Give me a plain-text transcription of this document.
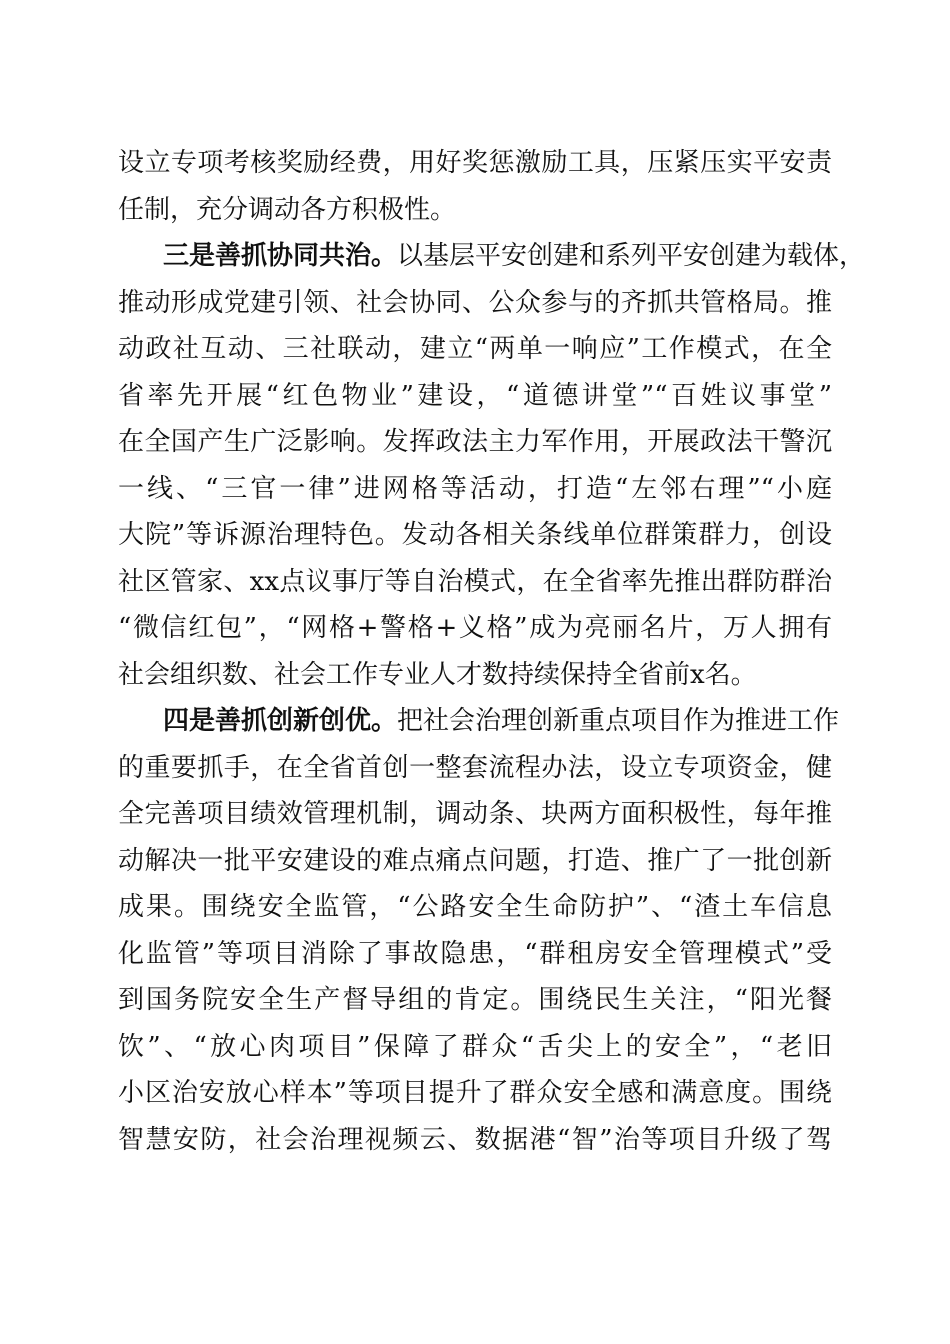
设立专项考核奖励经费，用好奖惩激励工具，压紧压实平安责
任制，充分调动各方积极性。
三是善抓协同共治。以基层平安创建和系列平安创建为载体，
推动形成党建引领、社会协同、公众参与的齐抓共管格局。推
动政社互动、三社联动，建立“两单一响应”工作模式，在全
省率先开展“红色物业”建设，“道德讲堂”“百姓议事堂”
在全国产生广泛影响。发挥政法主力军作用，开展政法干警沉
一线、“三官一律”进网格等活动，打造“左邻右理”“小庭
大院”等诉源治理特色。发动各相关条线单位群策群力，创设
社区管家、xx点议事厅等自治模式，在全省率先推出群防群治
“微信红包”，“网格+警格+义格”成为亮丽名片，万人拥有
社会组织数、社会工作专业人才数持续保持全省前x名。
四是善抓创新创优。把社会治理创新重点项目作为推进工作
的重要抓手，在全省首创一整套流程办法，设立专项资金，健
全完善项目绩效管理机制，调动条、块两方面积极性，每年推
动解决一批平安建设的难点痛点问题，打造、推广了一批创新
成果。围绕安全监管，“公路安全生命防护”、“渣土车信息
化监管”等项目消除了事故隐患，“群租房安全管理模式”受
到国务院安全生产督导组的肯定。围绕民生关注，“阳光餐
饮”、“放心肉项目”保障了群众“舌尖上的安全”，“老旧
小区治安放心样本”等项目提升了群众安全感和满意度。围绕
智慧安防，社会治理视频云、数据港“智”治等项目升级了驾
